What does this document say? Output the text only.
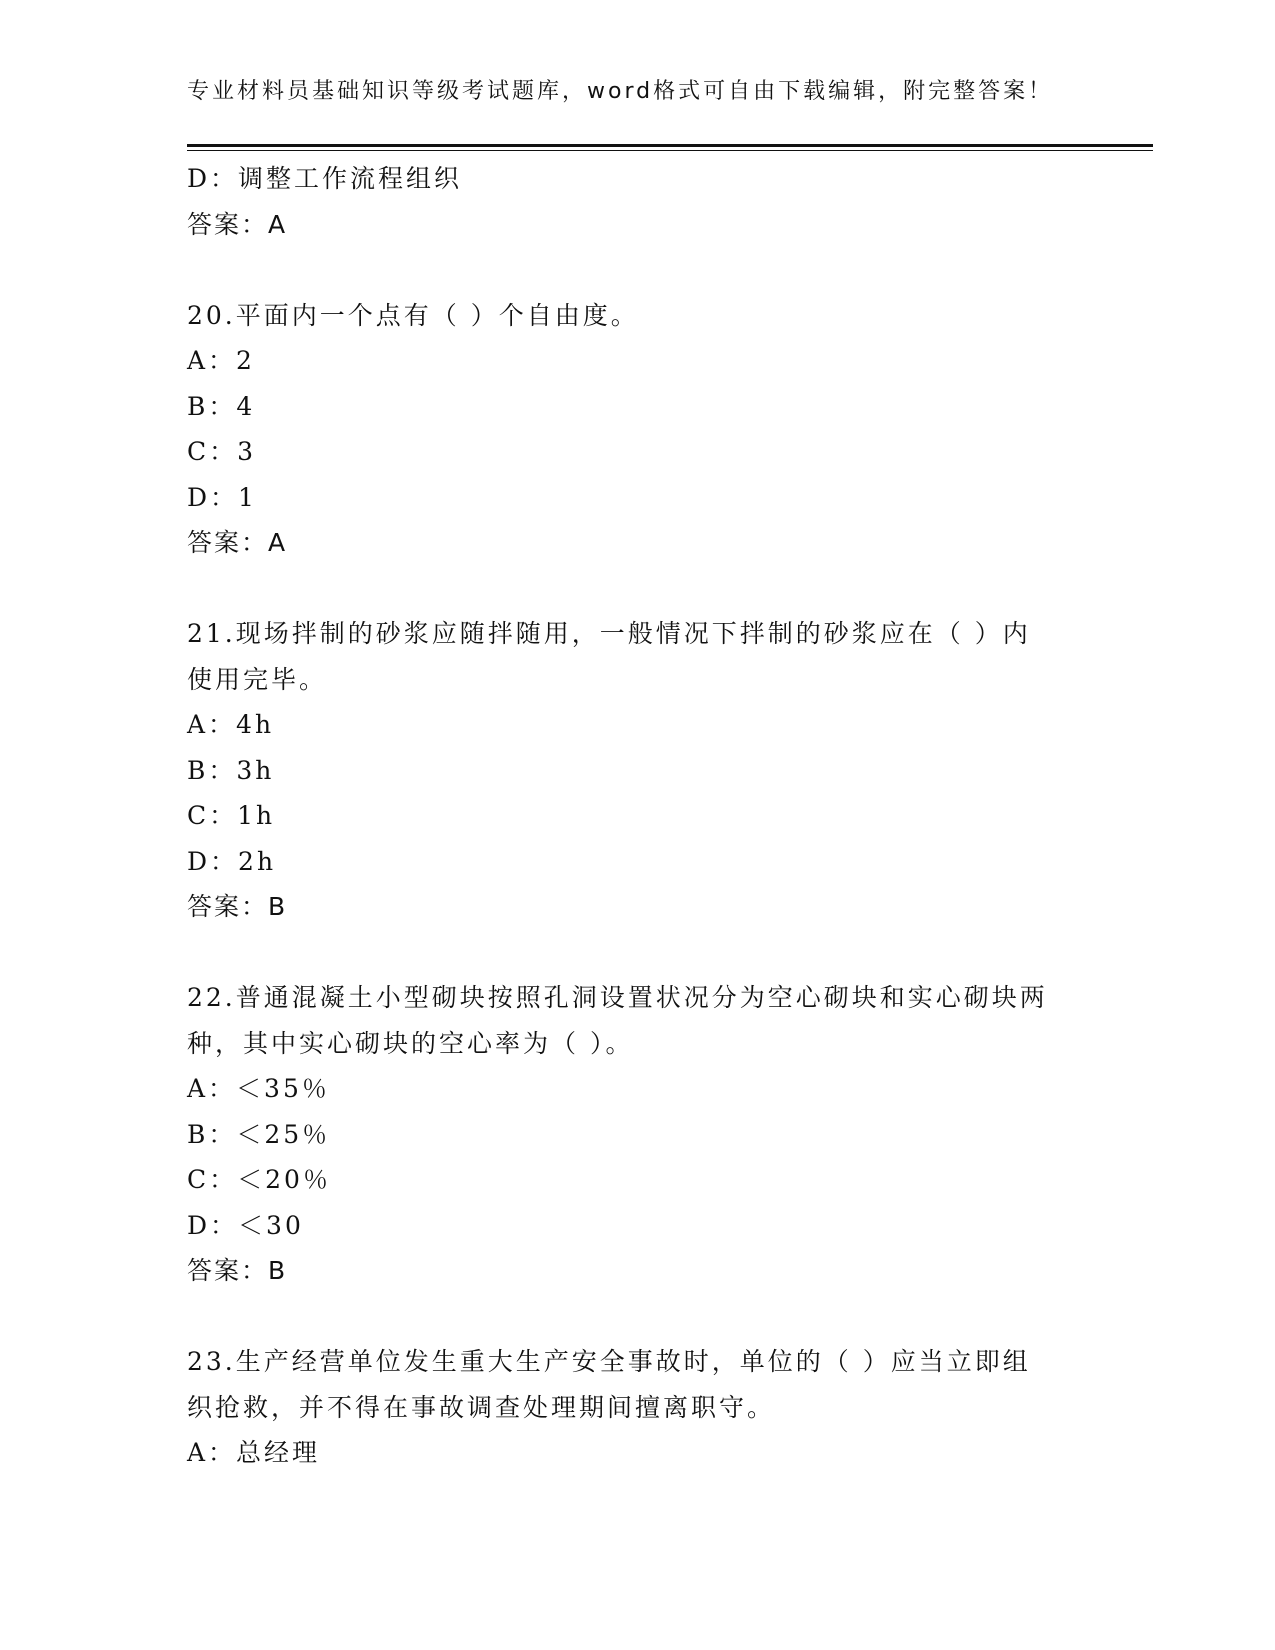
专业材料员基础知识等级考试题库，word格式可自由下载编辑，附完整答案！
D：调整工作流程组织
答案：A
20.平面内一个点有（ ）个自由度。
A：2
B：4
C：3
D：1
答案：A
21.现场拌制的砂浆应随拌随用，一般情况下拌制的砂浆应在（ ）内
使用完毕。
A：4h
B：3h
C：1h
D：2h
答案：B
22.普通混凝土小型砌块按照孔洞设置状况分为空心砌块和实心砌块两
种，其中实心砌块的空心率为（ ）。
A：＜35％
B：＜25％
C：＜20％
D：＜30
答案：B
23.生产经营单位发生重大生产安全事故时，单位的（ ）应当立即组
织抢救，并不得在事故调查处理期间擅离职守。
A：总经理
